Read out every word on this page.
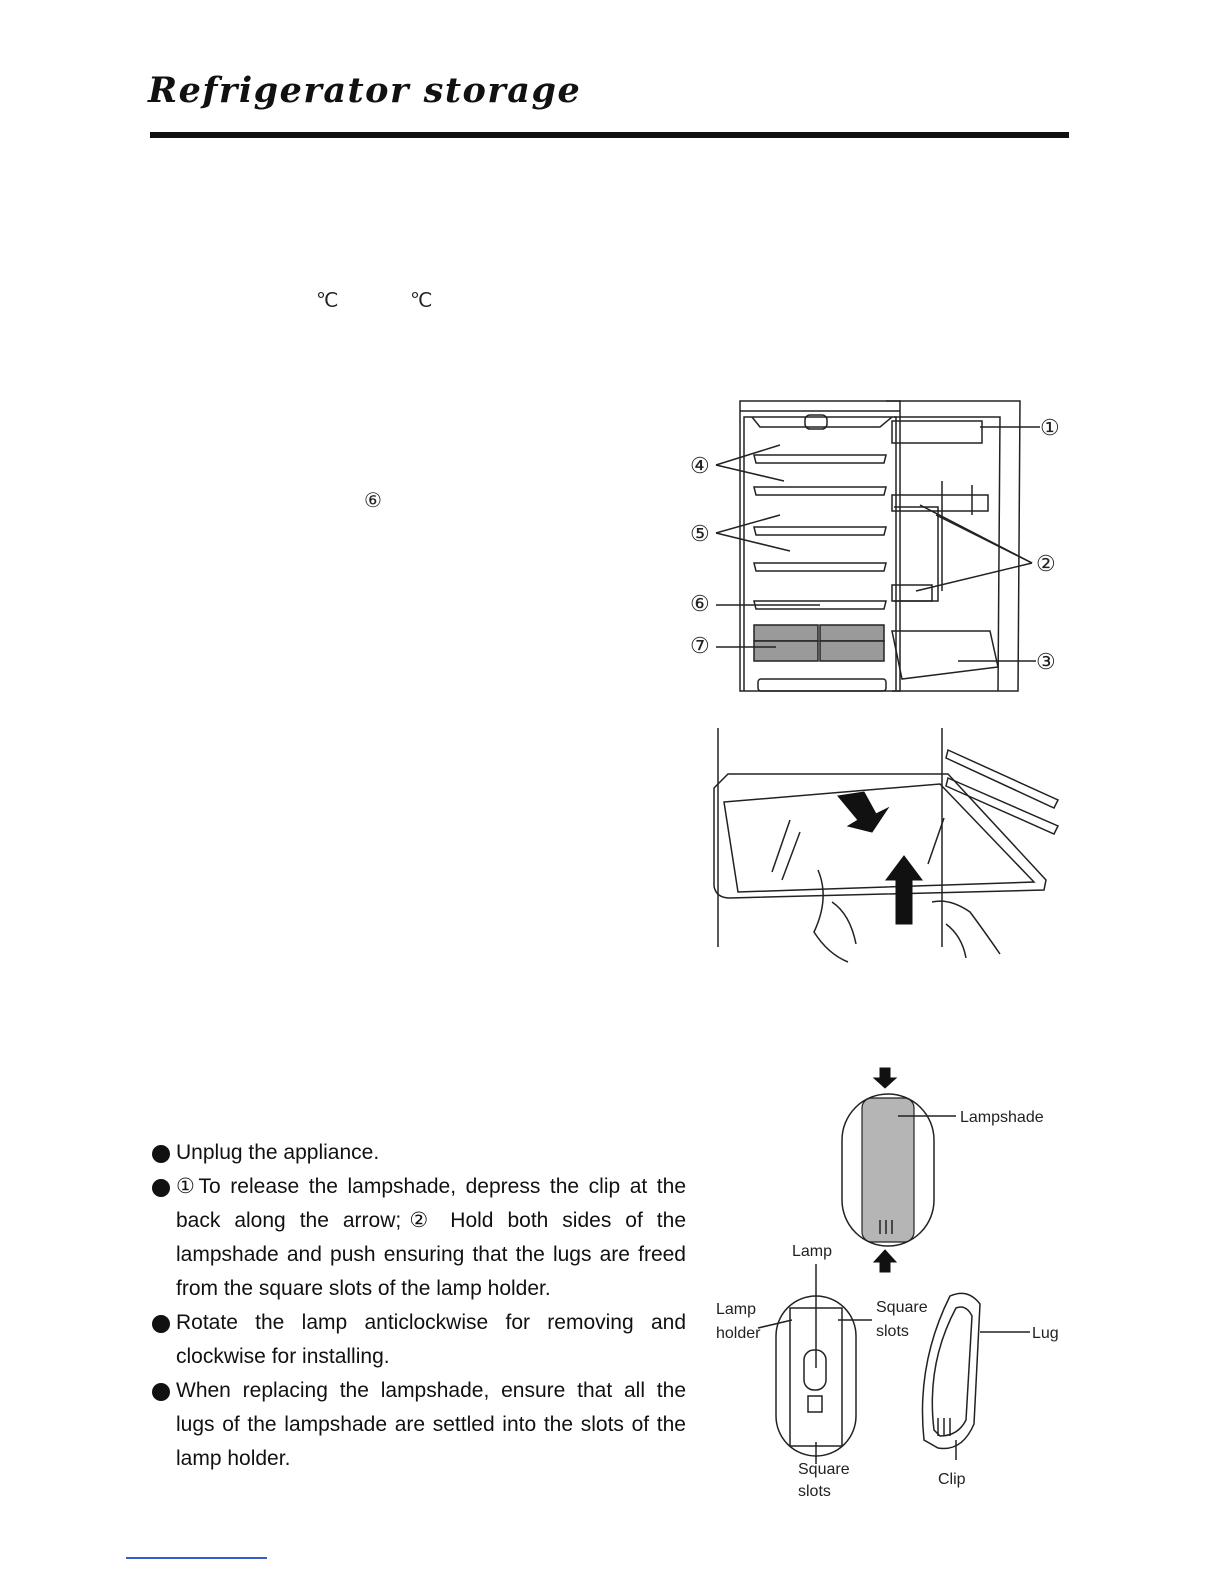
Refrigerator storage
℃	℃
⑥
①
②
③
④
⑤
⑥
⑦
Lampshade
Lamp
Lamp
holder
Square
slots	Lug
Square
slots
Clip
Unplug the appliance.
①To release the lampshade, depress the clip at the back along the arrow;② Hold both sides of the lampshade and push ensuring that the lugs are freed from the square slots of the lamp holder.
Rotate the lamp anticlockwise for removing and clockwise for installing.
When replacing the lampshade, ensure that all the lugs of the lampshade are settled into the slots of the lamp holder.
